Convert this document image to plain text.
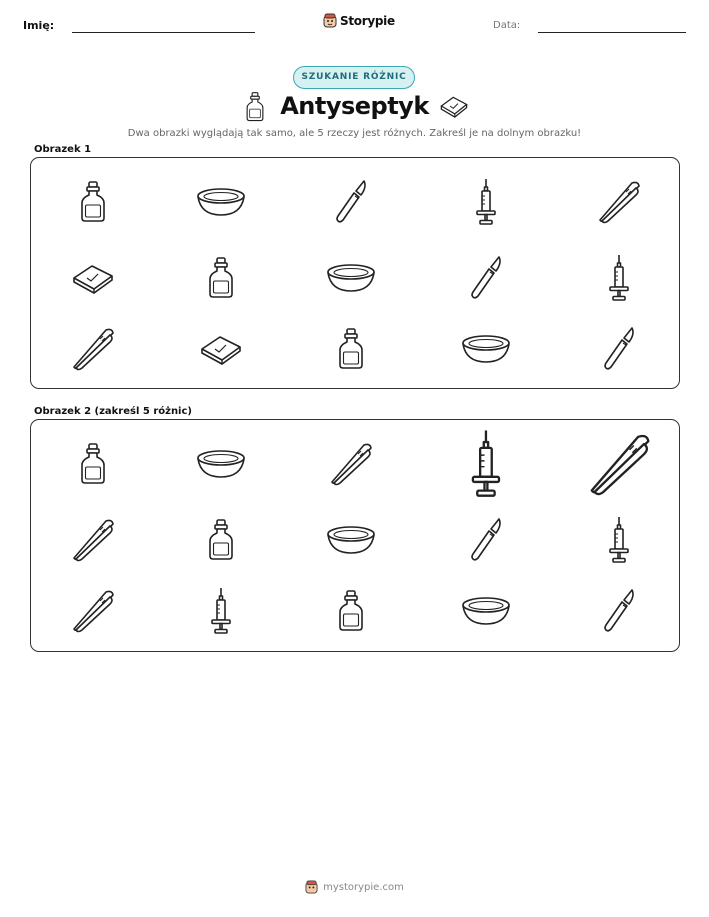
Imię:	Storypie	Data:
SZUKANIE RÓŻNIC
Antyseptyk
Dwa obrazki wyglądają tak samo, ale 5 rzeczy jest różnych. Zakreśl je na dolnym obrazku!
Obrazek 1
Obrazek 2 (zakreśl 5 różnic)
mystorypie.com
